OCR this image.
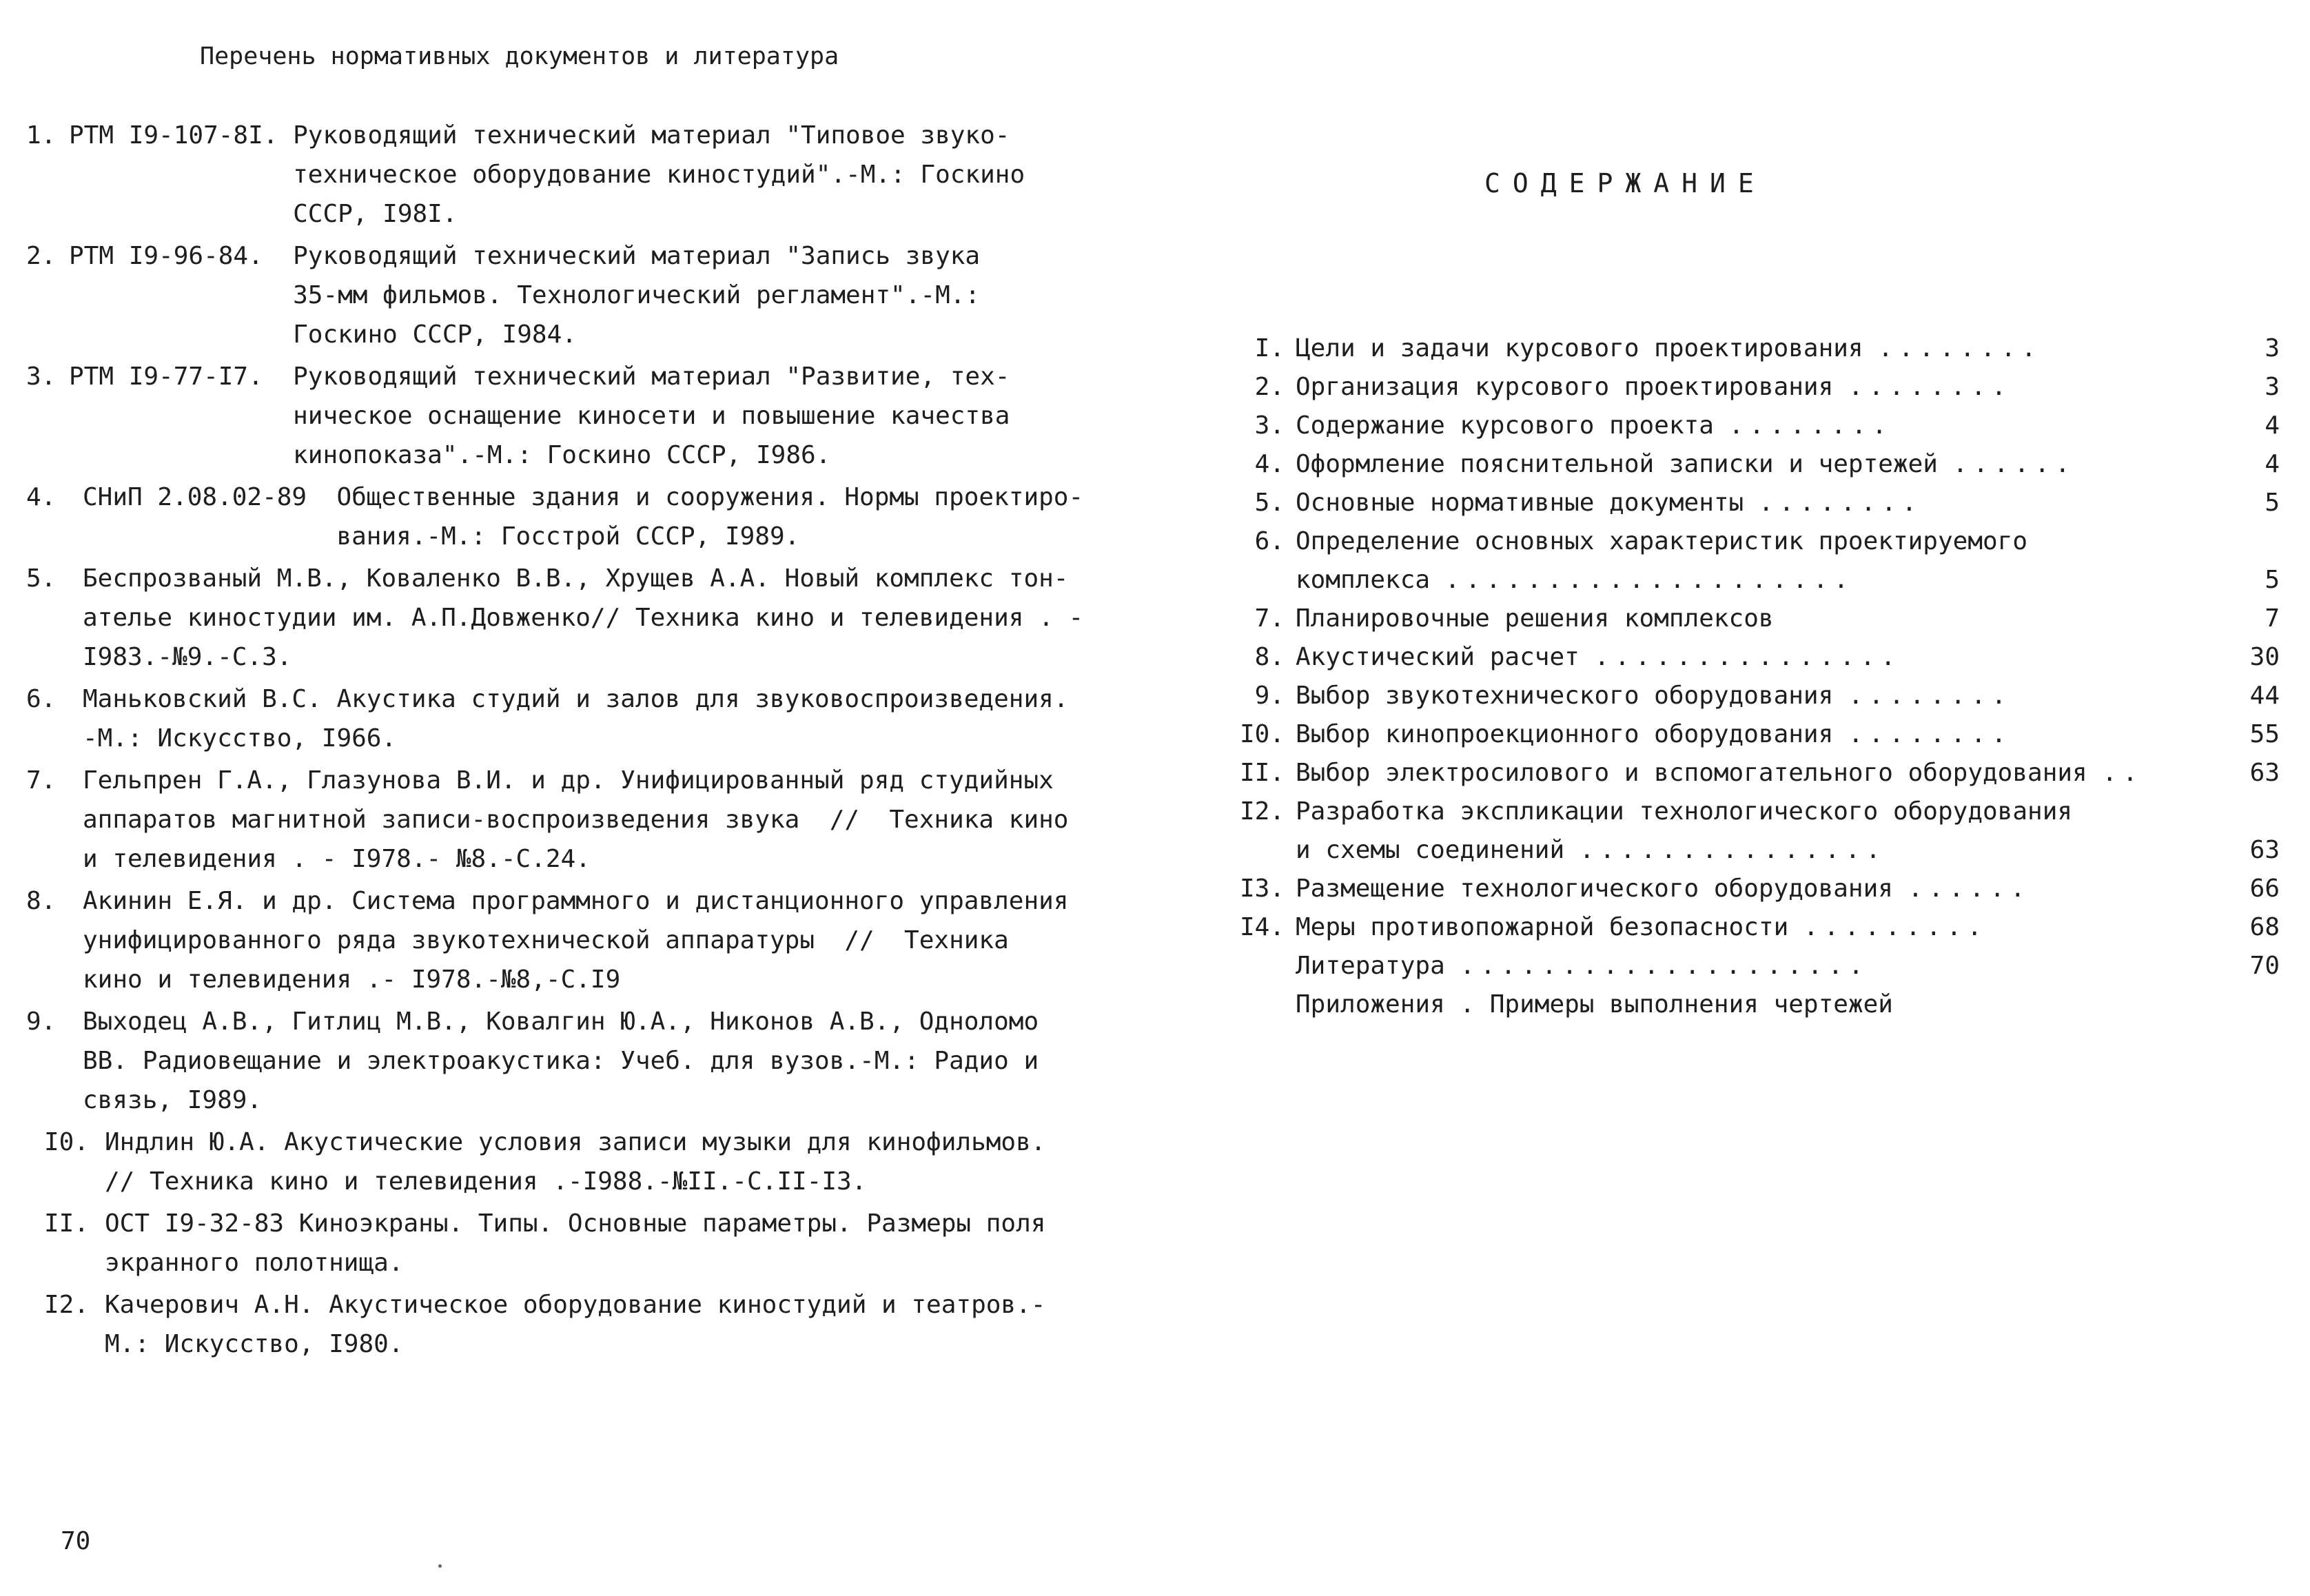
Перечень нормативных документов и литература
1. PTM I9-107-8I. Руководящий технический материал "Типовое звуко-
техническое оборудование киностудий".-М.: Госкино
СССР, I98I.
2. PTM I9-96-84.  Руководящий технический материал "Запись звука
35-мм фильмов. Технологический регламент".-М.:
Госкино СССР, I984.
3. PTM I9-77-I7.  Руководящий технический материал "Развитие, тех-
ническое оснащение киносети и повышение качества
кинопоказа".-М.: Госкино СССР, I986.
4. СНиП 2.08.02-89  Общественные здания и сооружения. Нормы проектиро-
вания.-М.: Госстрой СССР, I989.
5. Беспрозваный М.В., Коваленко В.В., Хрущев А.А. Новый комплекс тон-
ателье киностудии им. А.П.Довженко// Техника кино и телевидения . -
I983.-№9.-С.3.
6. Маньковский В.С. Акустика студий и залов для звуковоспроизведения.
-М.: Искусство, I966.
7. Гельпрен Г.А., Глазунова В.И. и др. Унифицированный ряд студийных
аппаратов магнитной записи-воспроизведения звука  //  Техника кино
и телевидения . - I978.- №8.-С.24.
8. Акинин Е.Я. и др. Система программного и дистанционного управления
унифицированного ряда звукотехнической аппаратуры  //  Техника
кино и телевидения .- I978.-№8,-С.I9
9. Выходец А.В., Гитлиц М.В., Ковалгин Ю.А., Никонов А.В., Одноломо
ВВ. Радиовещание и электроакустика: Учеб. для вузов.-М.: Радио и
связь, I989.
I0. Индлин Ю.А. Акустические условия записи музыки для кинофильмов.
// Техника кино и телевидения .-I988.-№II.-С.II-I3.
II. ОСТ I9-32-83 Киноэкраны. Типы. Основные параметры. Размеры поля
экранного полотнища.
I2. Качерович А.Н. Акустическое оборудование киностудий и театров.-
М.: Искусство, I980.
70
СОДЕРЖАНИЕ
I. Цели и задачи курсового проектирования ........	3
2. Организация курсового проектирования ........	3
3. Содержание курсового проекта ........	4
4. Оформление пояснительной записки и чертежей ......	4
5. Основные нормативные документы ........	5
6. Определение основных характеристик проектируемого
комплекса ....................	5
7. Планировочные решения комплексов	7
8. Акустический расчет ...............	30
9. Выбор звукотехнического оборудования ........	44
I0. Выбор кинопроекционного оборудования ........	55
II. Выбор электросилового и вспомогательного оборудования ..	63
I2. Разработка экспликации технологического оборудования
и схемы соединений ...............	63
I3. Размещение технологического оборудования ......	66
I4. Меры противопожарной безопасности .........	68
Литература ....................	70
Приложения . Примеры выполнения чертежей
